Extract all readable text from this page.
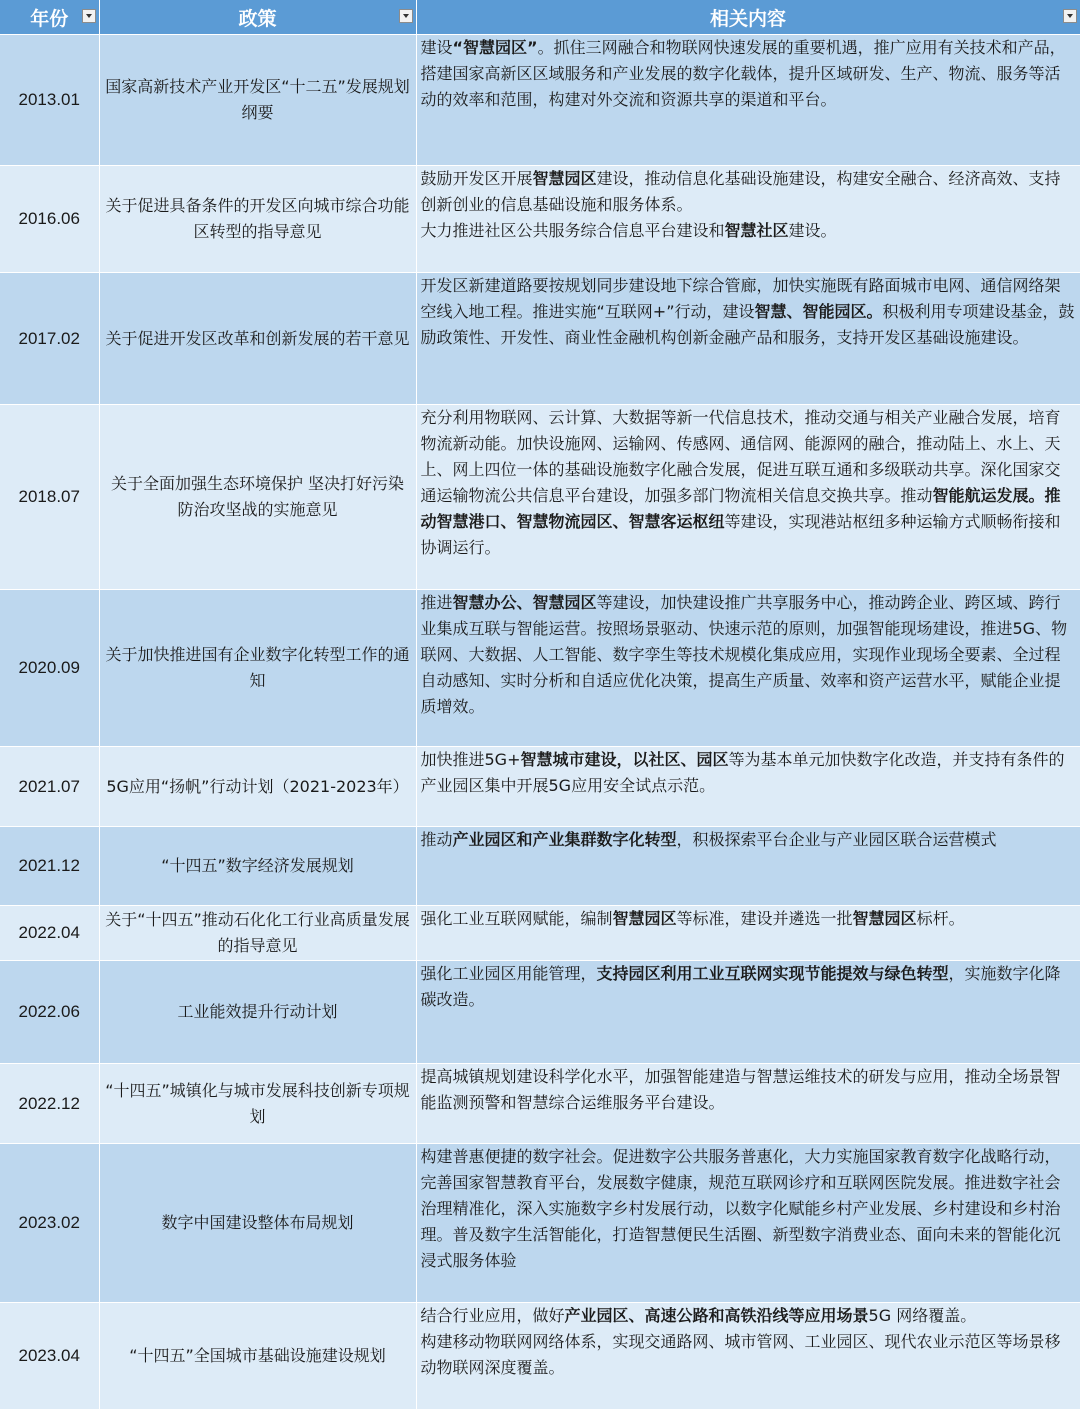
年份	政策	相关内容

2013.01	国家高新技术产业开发区“十二五”发展规划纲要	建设“智慧园区”。抓住三网融合和物联网快速发展的重要机遇，推广应用有关技术和产品，搭建国家高新区区域服务和产业发展的数字化载体，提升区域研发、生产、物流、服务等活动的效率和范围，构建对外交流和资源共享的渠道和平台。
2016.06	关于促进具备条件的开发区向城市综合功能区转型的指导意见	鼓励开发区开展智慧园区建设，推动信息化基础设施建设，构建安全融合、经济高效、支持创新创业的信息基础设施和服务体系。
大力推进社区公共服务综合信息平台建设和智慧社区建设。
2017.02	关于促进开发区改革和创新发展的若干意见	开发区新建道路要按规划同步建设地下综合管廊，加快实施既有路面城市电网、通信网络架空线入地工程。推进实施“互联网+”行动，建设智慧、智能园区。积极利用专项建设基金，鼓励政策性、开发性、商业性金融机构创新金融产品和服务，支持开发区基础设施建设。
2018.07	关于全面加强生态环境保护 坚决打好污染防治攻坚战的实施意见	充分利用物联网、云计算、大数据等新一代信息技术，推动交通与相关产业融合发展，培育物流新动能。加快设施网、运输网、传感网、通信网、能源网的融合，推动陆上、水上、天上、网上四位一体的基础设施数字化融合发展，促进互联互通和多级联动共享。深化国家交通运输物流公共信息平台建设，加强多部门物流相关信息交换共享。推动智能航运发展。推动智慧港口、智慧物流园区、智慧客运枢纽等建设，实现港站枢纽多种运输方式顺畅衔接和协调运行。
2020.09	关于加快推进国有企业数字化转型工作的通知	推进智慧办公、智慧园区等建设，加快建设推广共享服务中心，推动跨企业、跨区域、跨行业集成互联与智能运营。按照场景驱动、快速示范的原则，加强智能现场建设，推进5G、物联网、大数据、人工智能、数字孪生等技术规模化集成应用，实现作业现场全要素、全过程自动感知、实时分析和自适应优化决策，提高生产质量、效率和资产运营水平，赋能企业提质增效。
2021.07	5G应用“扬帆”行动计划（2021-2023年）	加快推进5G+智慧城市建设，以社区、园区等为基本单元加快数字化改造，并支持有条件的产业园区集中开展5G应用安全试点示范。
2021.12	“十四五”数字经济发展规划	推动产业园区和产业集群数字化转型，积极探索平台企业与产业园区联合运营模式
2022.04	关于“十四五”推动石化化工行业高质量发展的指导意见	强化工业互联网赋能，编制智慧园区等标准，建设并遴选一批智慧园区标杆。
2022.06	工业能效提升行动计划	强化工业园区用能管理，支持园区利用工业互联网实现节能提效与绿色转型，实施数字化降
碳改造。
2022.12	“十四五”城镇化与城市发展科技创新专项规划	提高城镇规划建设科学化水平，加强智能建造与智慧运维技术的研发与应用，推动全场景智能监测预警和智慧综合运维服务平台建设。
2023.02	数字中国建设整体布局规划	构建普惠便捷的数字社会。促进数字公共服务普惠化，大力实施国家教育数字化战略行动，完善国家智慧教育平台，发展数字健康，规范互联网诊疗和互联网医院发展。推进数字社会治理精准化，深入实施数字乡村发展行动，以数字化赋能乡村产业发展、乡村建设和乡村治理。普及数字生活智能化，打造智慧便民生活圈、新型数字消费业态、面向未来的智能化沉浸式服务体验
2023.04	“十四五”全国城市基础设施建设规划	结合行业应用，做好产业园区、高速公路和高铁沿线等应用场景5G 网络覆盖。
构建移动物联网网络体系，实现交通路网、城市管网、工业园区、现代农业示范区等场景移动物联网深度覆盖。
